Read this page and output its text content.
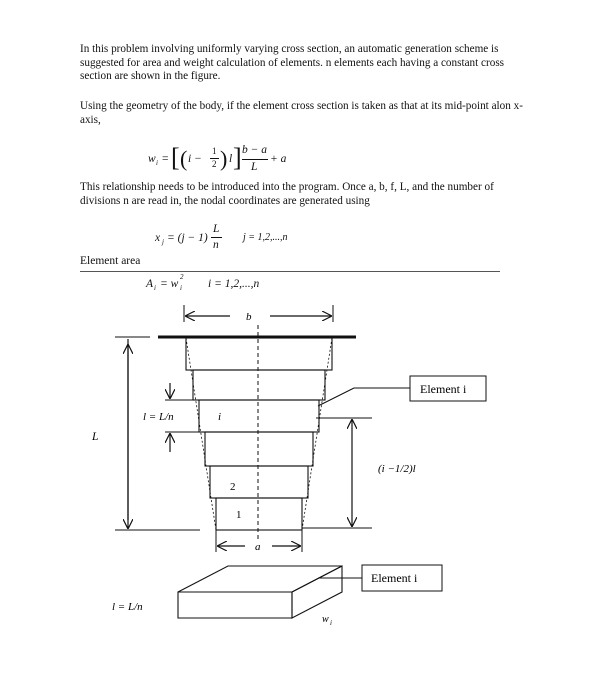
In this problem involving uniformly varying cross section, an automatic generation scheme is suggested for area and weight calculation of elements. n elements each having a constant cross section are shown in the figure.
Using the geometry of the body, if the element cross section is taken as that at its mid-point alon x-axis,
w i = [ ( i −
1
2 ) l ] b − a
L
+ a
This relationship needs to be introduced into the program. Once a, b, f, L, and the number of divisions n are read in, the nodal coordinates are generated using
x j = (j − 1)
L
n
j = 1,2,...,n
Element area
A i = w i
2
i = 1,2,...,n
b
L
l = L/n	i
2
1
a
(i −1/2)l
Element i
Element i
l = L/n
w i
